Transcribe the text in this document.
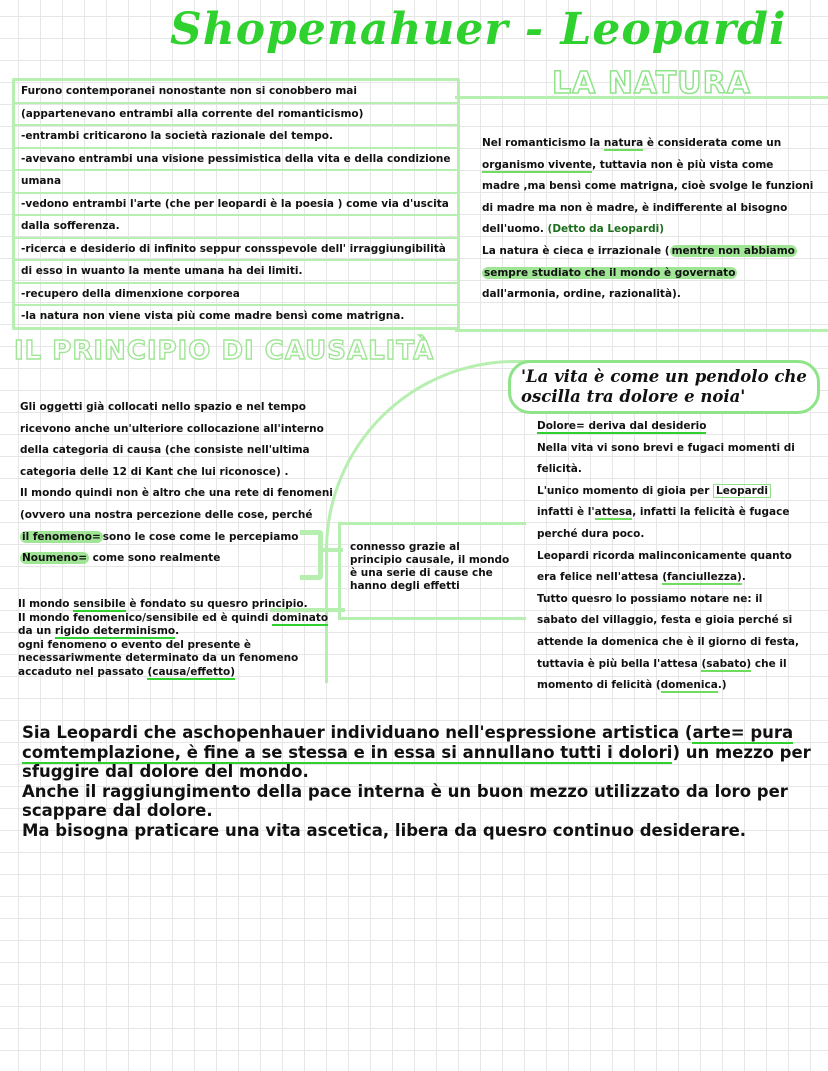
Shopenahuer - Leopardi
Furono contemporanei nonostante non si conobbero mai
(appartenevano entrambi alla corrente del romanticismo)
-entrambi criticarono la società razionale del tempo.
-avevano entrambi una visione pessimistica della vita e della condizione
umana
-vedono entrambi l'arte (che per leopardi è la poesia ) come via d'uscita
dalla sofferenza.
-ricerca e desiderio di infinito seppur consspevole dell' irraggiungibilità
di esso in wuanto la mente umana ha dei limiti.
-recupero della dimenxione corporea
-la natura non viene vista più come madre bensì come matrigna.
LA NATURA
Nel romanticismo la natura è considerata come un
organismo vivente, tuttavia non è più vista come
madre ,ma bensì come matrigna, cioè svolge le funzioni
di madre ma non è madre, è indifferente al bisogno
dell'uomo. (Detto da Leopardi)
La natura è cieca e irrazionale ( mentre non abbiamo
sempre studiato che il mondo è governato
dall'armonia, ordine, razionalità).
IL PRINCIPIO DI CAUSALITÀ
Gli oggetti già collocati nello spazio e nel tempo
ricevono anche un'ulteriore collocazione all'interno
della categoria di causa (che consiste nell'ultima
categoria delle 12 di Kant che lui riconosce) .
Il mondo quindi non è altro che una rete di fenomeni
(ovvero una nostra percezione delle cose, perché
il fenomeno= sono le cose come le percepiamo
Noumeno= come sono realmente
connesso grazie al
principio causale, il mondo
è una serie di cause che
hanno degli effetti
Il mondo sensibile è fondato su quesro principio.
Il mondo fenomenico/sensibile ed è quindi dominato
da un rigido determinismo.
ogni fenomeno o evento del presente è
necessariwmente determinato da un fenomeno
accaduto nel passato (causa/effetto)
'La vita è come un pendolo che
oscilla tra dolore e noia'
Dolore= deriva dal desiderio
Nella vita vi sono brevi e fugaci momenti di
felicità.
L'unico momento di gioia per Leopardi
infatti è l'attesa, infatti la felicità è fugace
perché dura poco.
Leopardi ricorda malinconicamente quanto
era felice nell'attesa (fanciullezza).
Tutto quesro lo possiamo notare ne: il
sabato del villaggio, festa e gioia perché si
attende la domenica che è il giorno di festa,
tuttavia è più bella l'attesa (sabato) che il
momento di felicità (domenica.)
Sia Leopardi che aschopenhauer individuano nell'espressione artistica (arte= pura
comtemplazione, è fine a se stessa e in essa si annullano tutti i dolori) un mezzo per
sfuggire dal dolore del mondo.
Anche il raggiungimento della pace interna è un buon mezzo utilizzato da loro per
scappare dal dolore.
Ma bisogna praticare una vita ascetica, libera da quesro continuo desiderare.
